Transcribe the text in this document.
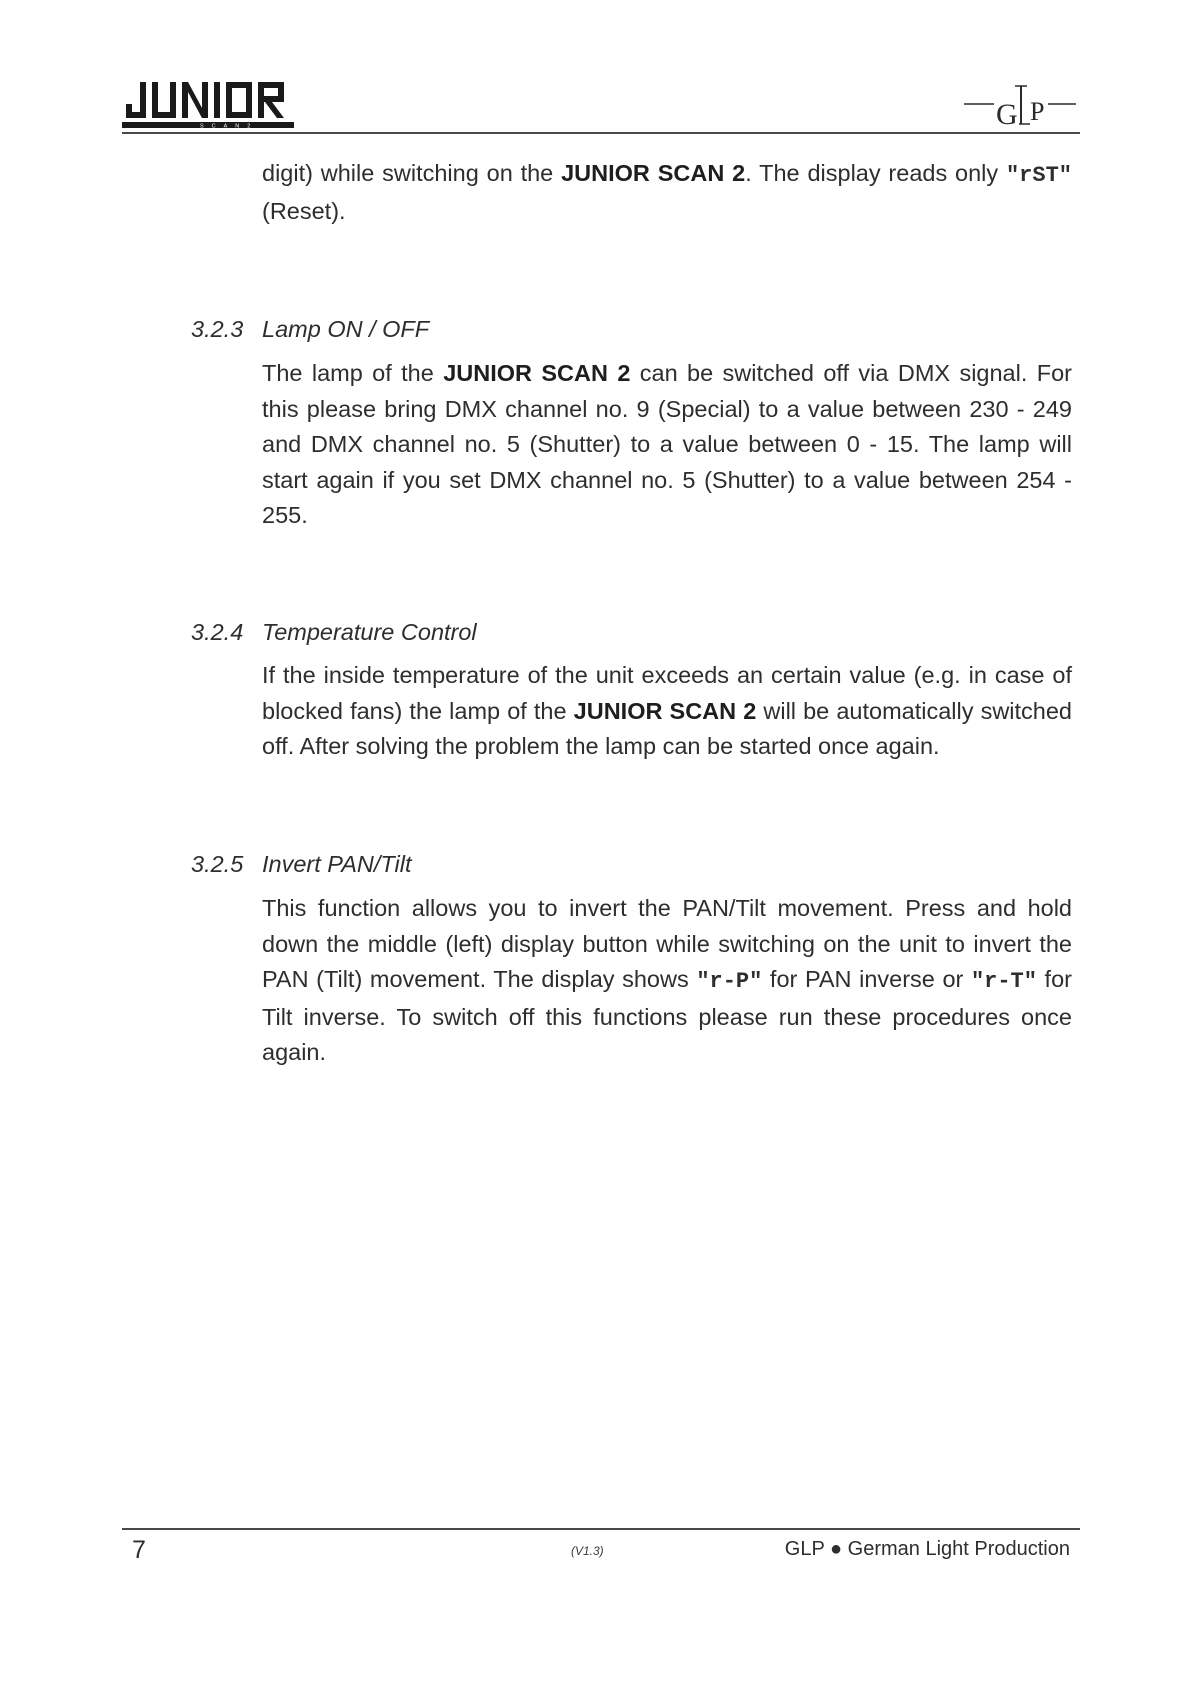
SCAN2	G P
digit) while switching on the JUNIOR SCAN 2. The display reads only "rST" (Reset).
3.2.3 Lamp ON / OFF
The lamp of the JUNIOR SCAN 2 can be switched off via DMX signal. For this please bring DMX channel no. 9 (Special) to a value between 230 - 249 and DMX channel no. 5 (Shutter) to a value between 0 - 15. The lamp will start again if you set DMX channel no. 5 (Shutter) to a value between 254 - 255.
3.2.4 Temperature Control
If the inside temperature of the unit exceeds an certain value (e.g. in case of blocked fans) the lamp of the JUNIOR SCAN 2 will be automatically switched off. After solving the problem the lamp can be started once again.
3.2.5 Invert PAN/Tilt
This function allows you to invert the PAN/Tilt movement. Press and hold down the middle (left) display button while switching on the unit to invert the PAN (Tilt) movement. The display shows "r-P" for PAN inverse or "r-T" for Tilt inverse. To switch off this functions please run these procedures once again.
7	(V1.3)	GLP ● German Light Production
